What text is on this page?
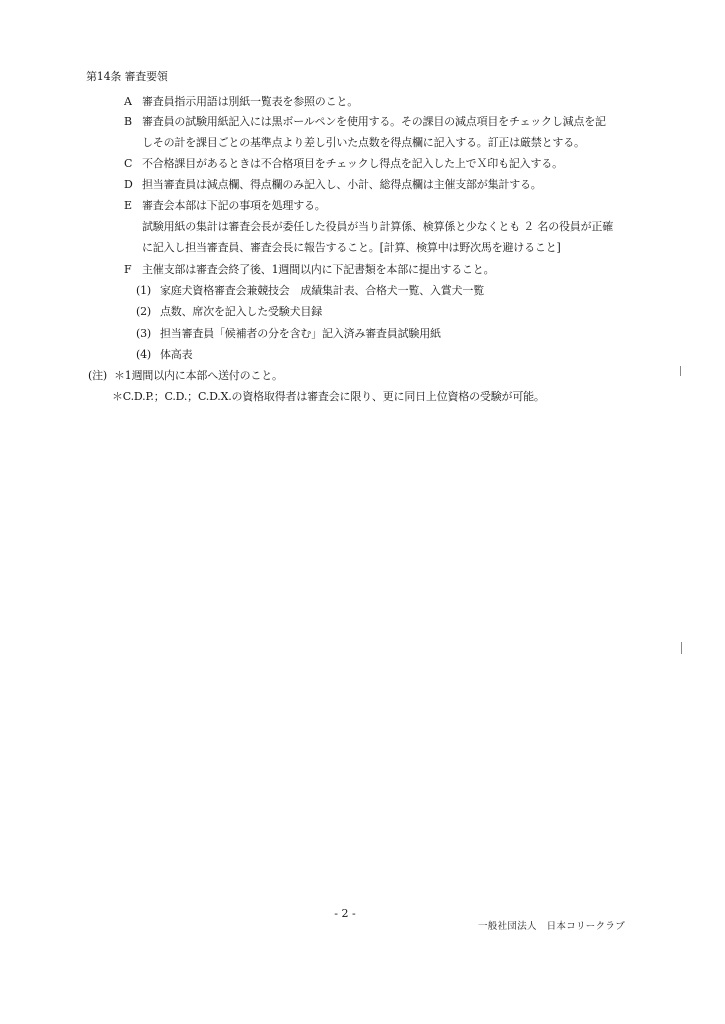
第14条 審査要領
A 審査員指示用語は別紙一覧表を参照のこと。
B 審査員の試験用紙記入には黒ボールペンを使用する。その課目の減点項目をチェックし減点を記
しその計を課目ごとの基準点より差し引いた点数を得点欄に記入する。訂正は厳禁とする。
C 不合格課目があるときは不合格項目をチェックし得点を記入した上でＸ印も記入する。
D 担当審査員は減点欄、得点欄のみ記入し、小計、総得点欄は主催支部が集計する。
E 審査会本部は下記の事項を処理する。
試験用紙の集計は審査会長が委任した役員が当り計算係、検算係と少なくとも ２ 名の役員が正確
に記入し担当審査員、審査会長に報告すること。[計算、検算中は野次馬を避けること]
F 主催支部は審査会終了後、1週間以内に下記書類を本部に提出すること。
(1) 家庭犬資格審査会兼競技会　成績集計表、合格犬一覧、入賞犬一覧
(2) 点数、席次を記入した受験犬目録
(3) 担当審査員「候補者の分を含む」記入済み審査員試験用紙
(4) 体高表
(注) ＊1週間以内に本部へ送付のこと。
＊C.D.P.；C.D.；C.D.X.の資格取得者は審査会に限り、更に同日上位資格の受験が可能。
- 2 -
一般社団法人　日本コリークラブ
